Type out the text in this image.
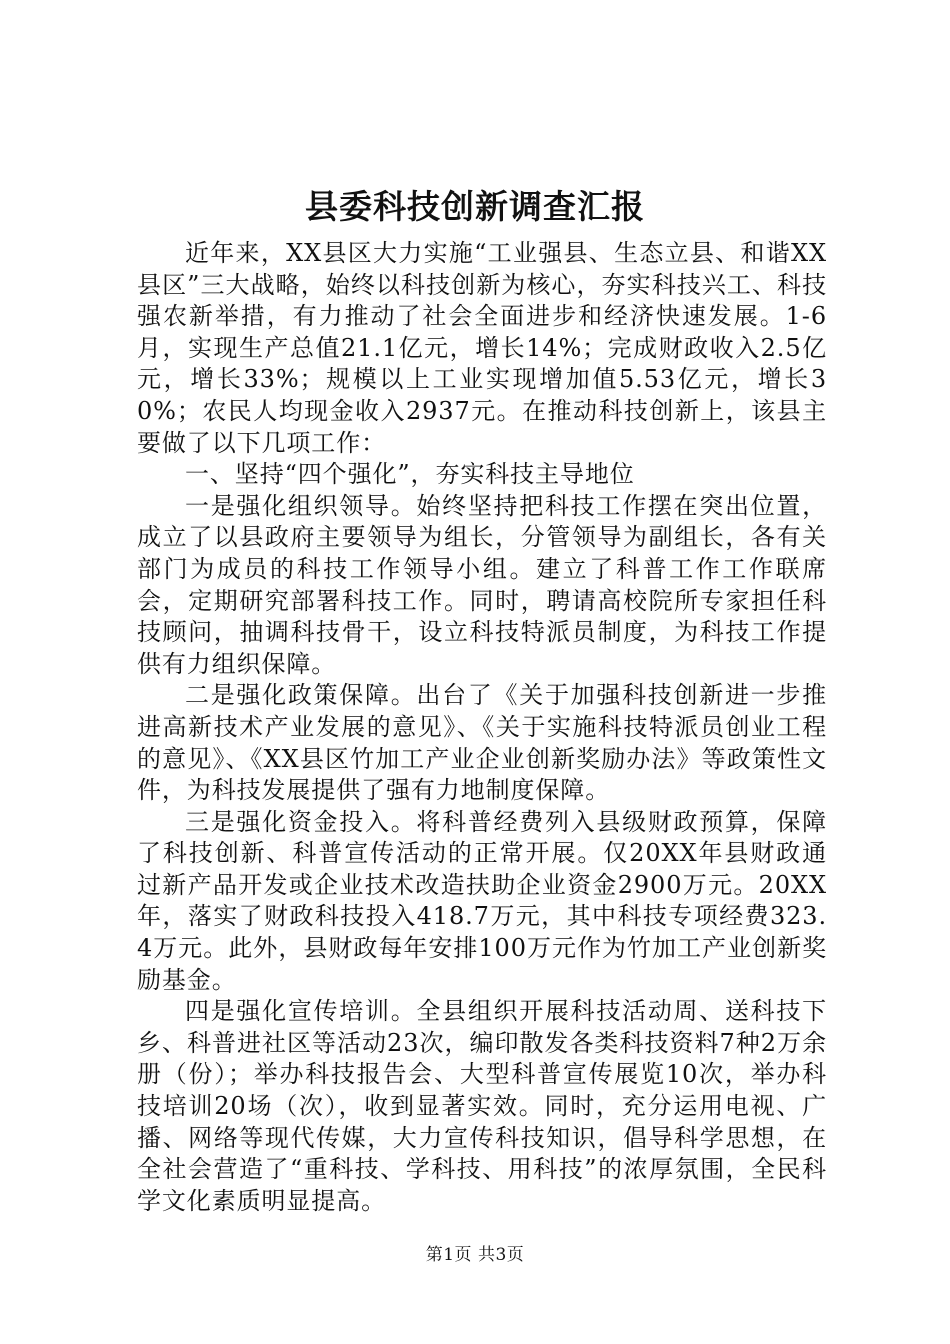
县委科技创新调查汇报

近年来，XX县区大力实施“工业强县、生态立县、和谐XX县区”三大战略，始终以科技创新为核心，夯实科技兴工、科技强农新举措，有力推动了社会全面进步和经济快速发展。1-6月，实现生产总值21.1亿元，增长14%；完成财政收入2.5亿元，增长33%；规模以上工业实现增加值5.53亿元，增长30%；农民人均现金收入2937元。在推动科技创新上，该县主要做了以下几项工作：

一、坚持“四个强化”，夯实科技主导地位

一是强化组织领导。始终坚持把科技工作摆在突出位置，成立了以县政府主要领导为组长，分管领导为副组长，各有关部门为成员的科技工作领导小组。建立了科普工作工作联席会，定期研究部署科技工作。同时，聘请高校院所专家担任科技顾问，抽调科技骨干，设立科技特派员制度，为科技工作提供有力组织保障。

二是强化政策保障。出台了《关于加强科技创新进一步推进高新技术产业发展的意见》、《关于实施科技特派员创业工程的意见》、《XX县区竹加工产业企业创新奖励办法》等政策性文件，为科技发展提供了强有力地制度保障。

三是强化资金投入。将科普经费列入县级财政预算，保障了科技创新、科普宣传活动的正常开展。仅20XX年县财政通过新产品开发或企业技术改造扶助企业资金2900万元。20XX年，落实了财政科技投入418.7万元，其中科技专项经费323.4万元。此外，县财政每年安排100万元作为竹加工产业创新奖励基金。

四是强化宣传培训。全县组织开展科技活动周、送科技下乡、科普进社区等活动23次，编印散发各类科技资料7种2万余册（份）；举办科技报告会、大型科普宣传展览10次，举办科技培训20场（次），收到显著实效。同时，充分运用电视、广播、网络等现代传媒，大力宣传科技知识，倡导科学思想，在全社会营造了“重科技、学科技、用科技”的浓厚氛围，全民科学文化素质明显提高。

第1页 共3页
